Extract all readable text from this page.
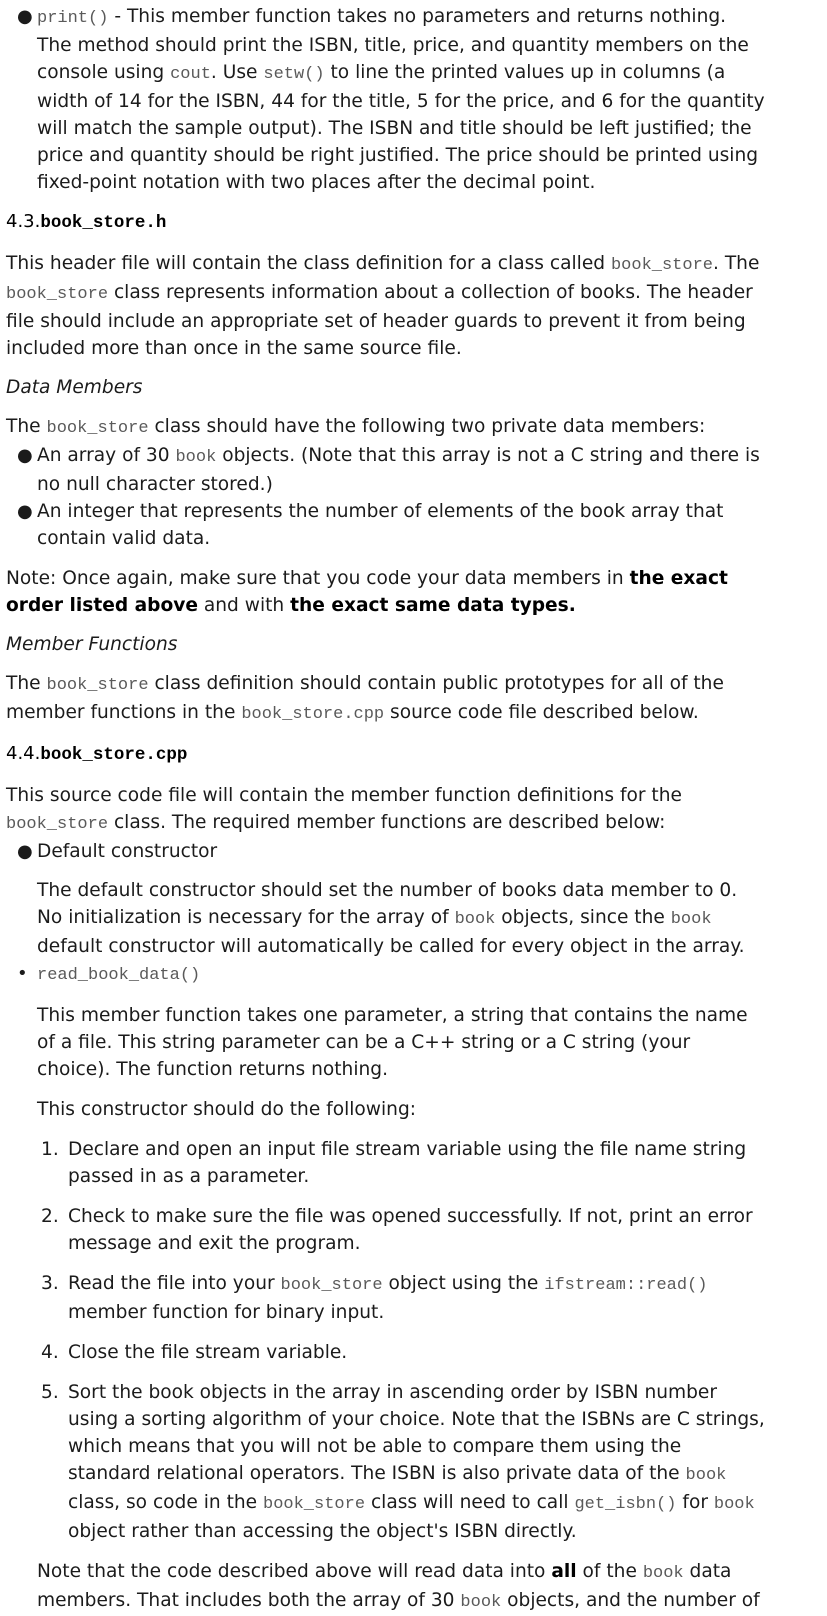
● print() - This member function takes no parameters and returns nothing. The method should print the ISBN, title, price, and quantity members on the console using cout. Use setw() to line the printed values up in columns (a width of 14 for the ISBN, 44 for the title, 5 for the price, and 6 for the quantity will match the sample output). The ISBN and title should be left justified; the price and quantity should be right justified. The price should be printed using fixed-point notation with two places after the decimal point.

4.3.book_store.h

This header file will contain the class definition for a class called book_store. The book_store class represents information about a collection of books. The header file should include an appropriate set of header guards to prevent it from being included more than once in the same source file.

Data Members

The book_store class should have the following two private data members:

● An array of 30 book objects. (Note that this array is not a C string and there is no null character stored.)
● An integer that represents the number of elements of the book array that contain valid data.

Note: Once again, make sure that you code your data members in the exact order listed above and with the exact same data types.

Member Functions

The book_store class definition should contain public prototypes for all of the member functions in the book_store.cpp source code file described below.

4.4.book_store.cpp

This source code file will contain the member function definitions for the book_store class. The required member functions are described below:

● Default constructor

The default constructor should set the number of books data member to 0. No initialization is necessary for the array of book objects, since the book default constructor will automatically be called for every object in the array.

• read_book_data()

This member function takes one parameter, a string that contains the name of a file. This string parameter can be a C++ string or a C string (your choice). The function returns nothing.

This constructor should do the following:

1. Declare and open an input file stream variable using the file name string passed in as a parameter.
2. Check to make sure the file was opened successfully. If not, print an error message and exit the program.
3. Read the file into your book_store object using the ifstream::read() member function for binary input.
4. Close the file stream variable.
5. Sort the book objects in the array in ascending order by ISBN number using a sorting algorithm of your choice. Note that the ISBNs are C strings, which means that you will not be able to compare them using the standard relational operators. The ISBN is also private data of the book class, so code in the book_store class will need to call get_isbn() for book object rather than accessing the object's ISBN directly.

Note that the code described above will read data into all of the book data members. That includes both the array of 30 book objects, and the number of
